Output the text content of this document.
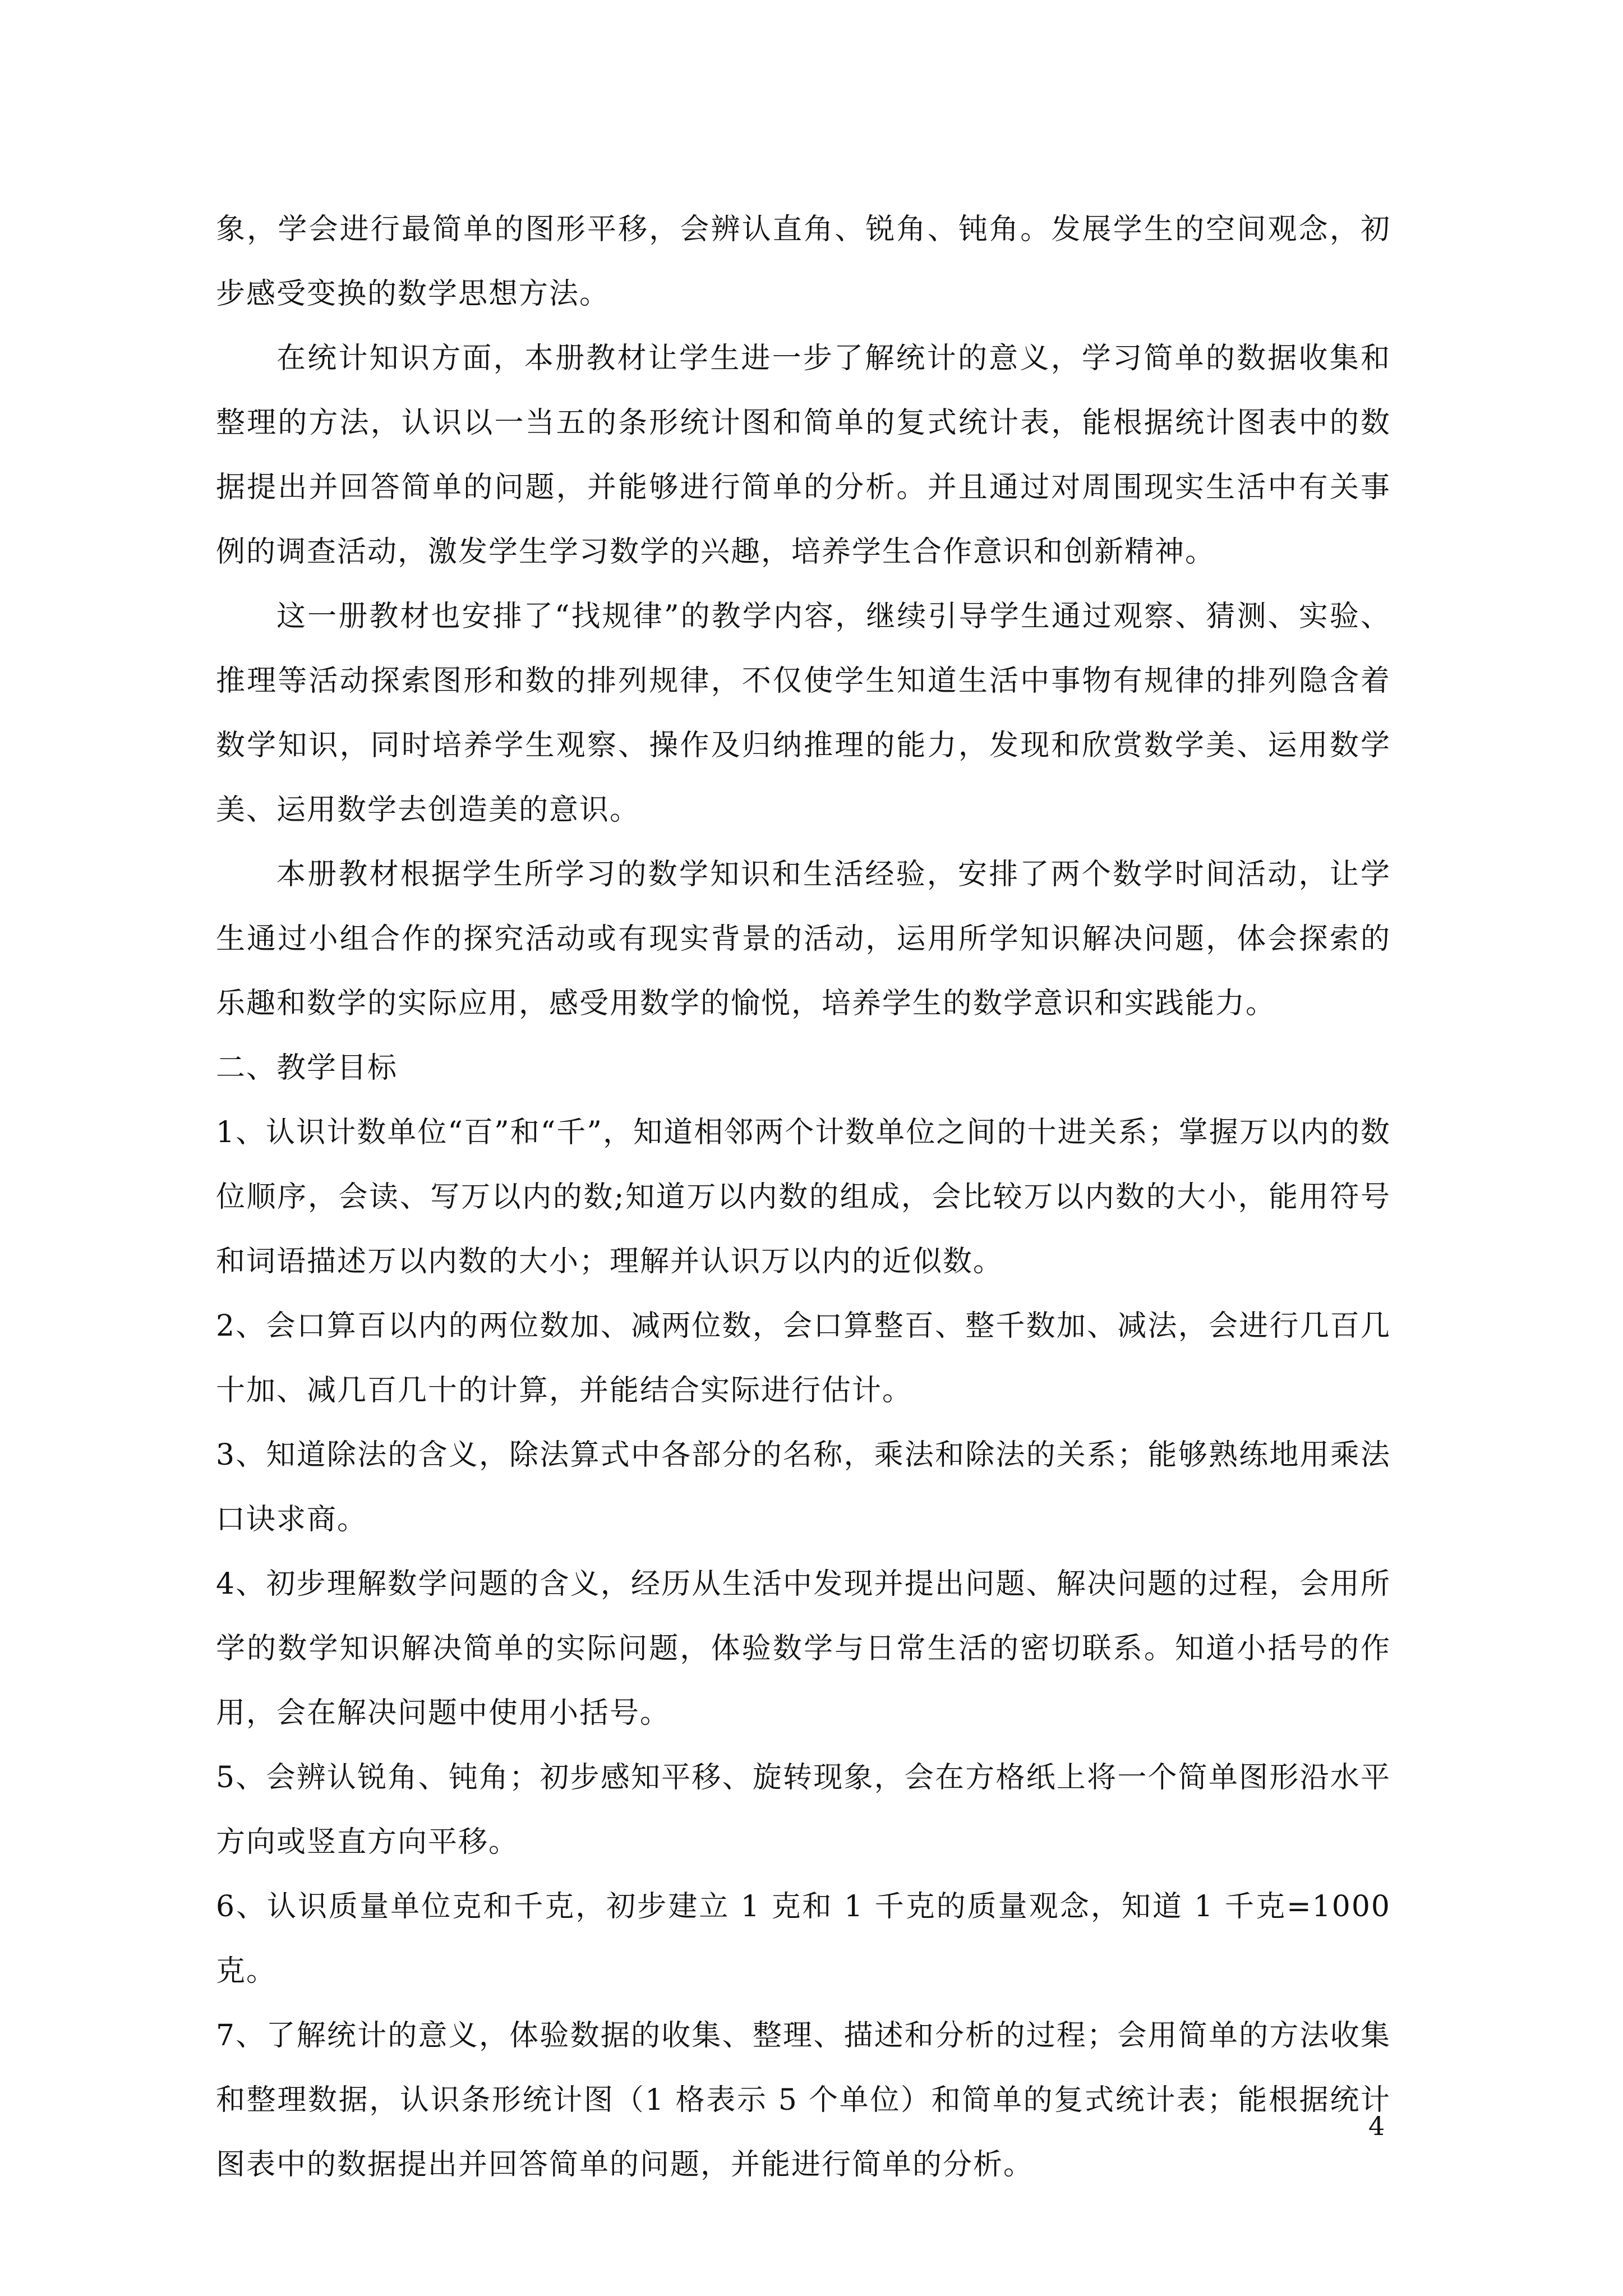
象，学会进行最简单的图形平移，会辨认直角、锐角、钝角。发展学生的空间观念，初步感受变换的数学思想方法。

在统计知识方面，本册教材让学生进一步了解统计的意义，学习简单的数据收集和整理的方法，认识以一当五的条形统计图和简单的复式统计表，能根据统计图表中的数据提出并回答简单的问题，并能够进行简单的分析。并且通过对周围现实生活中有关事例的调查活动，激发学生学习数学的兴趣，培养学生合作意识和创新精神。

这一册教材也安排了“找规律”的教学内容，继续引导学生通过观察、猜测、实验、推理等活动探索图形和数的排列规律，不仅使学生知道生活中事物有规律的排列隐含着数学知识，同时培养学生观察、操作及归纳推理的能力，发现和欣赏数学美、运用数学美、运用数学去创造美的意识。

本册教材根据学生所学习的数学知识和生活经验，安排了两个数学时间活动，让学生通过小组合作的探究活动或有现实背景的活动，运用所学知识解决问题，体会探索的乐趣和数学的实际应用，感受用数学的愉悦，培养学生的数学意识和实践能力。

二、教学目标

1、认识计数单位“百”和“千”，知道相邻两个计数单位之间的十进关系；掌握万以内的数位顺序，会读、写万以内的数;知道万以内数的组成，会比较万以内数的大小，能用符号和词语描述万以内数的大小；理解并认识万以内的近似数。

2、会口算百以内的两位数加、减两位数，会口算整百、整千数加、减法，会进行几百几十加、减几百几十的计算，并能结合实际进行估计。

3、知道除法的含义，除法算式中各部分的名称，乘法和除法的关系；能够熟练地用乘法口诀求商。

4、初步理解数学问题的含义，经历从生活中发现并提出问题、解决问题的过程，会用所学的数学知识解决简单的实际问题，体验数学与日常生活的密切联系。知道小括号的作用，会在解决问题中使用小括号。

5、会辨认锐角、钝角；初步感知平移、旋转现象，会在方格纸上将一个简单图形沿水平方向或竖直方向平移。

6、认识质量单位克和千克，初步建立 1 克和 1 千克的质量观念，知道 1 千克=1000 克。

7、了解统计的意义，体验数据的收集、整理、描述和分析的过程；会用简单的方法收集和整理数据，认识条形统计图（1 格表示 5 个单位）和简单的复式统计表；能根据统计图表中的数据提出并回答简单的问题，并能进行简单的分析。

4
